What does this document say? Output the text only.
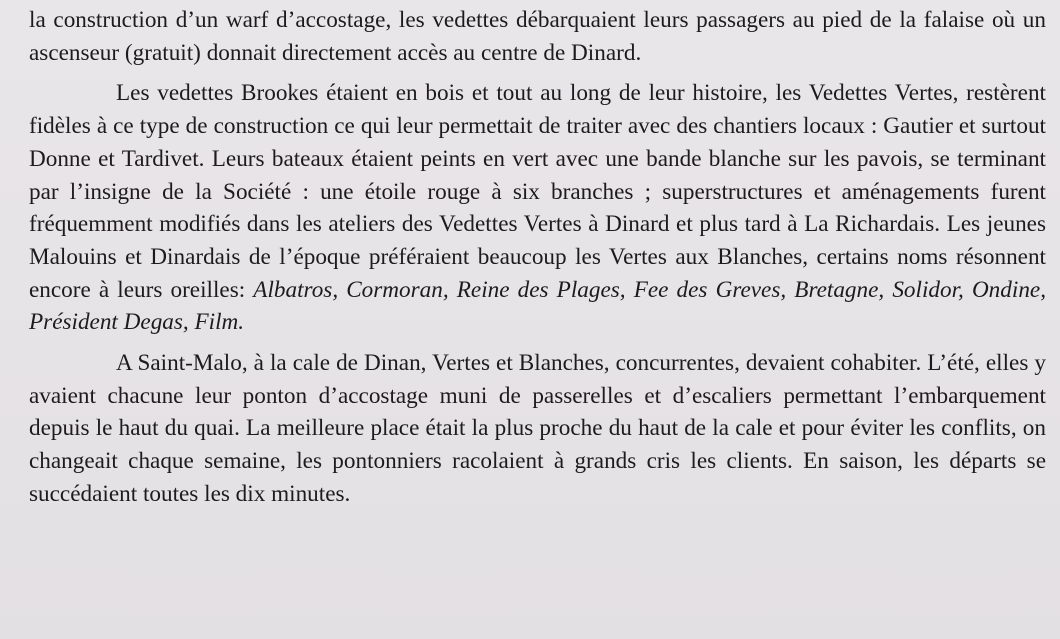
la construction d’un warf d’accostage, les vedettes débarquaient leurs passagers au pied de la falaise où un ascenseur (gratuit) donnait directement accès au centre de Dinard.

Les vedettes Brookes étaient en bois et tout au long de leur histoire, les Vedettes Vertes, restèrent fidèles à ce type de construction ce qui leur permettait de traiter avec des chantiers locaux : Gautier et surtout Donne et Tardivet. Leurs bateaux étaient peints en vert avec une bande blanche sur les pavois, se terminant par l’insigne de la Société : une étoile rouge à six branches ; superstructures et aménagements furent fréquemment modifiés dans les ateliers des Vedettes Vertes à Dinard et plus tard à La Richardais. Les jeunes Malouins et Dinardais de l’époque préféraient beaucoup les Vertes aux Blanches, certains noms résonnent encore à leurs oreilles: Albatros, Cormoran, Reine des Plages, Fee des Greves, Bretagne, Solidor, Ondine, Président Degas, Film.

A Saint-Malo, à la cale de Dinan, Vertes et Blanches, concurrentes, devaient cohabiter. L’été, elles y avaient chacune leur ponton d’accostage muni de passerelles et d’escaliers permettant l’embarquement depuis le haut du quai. La meilleure place était la plus proche du haut de la cale et pour éviter les conflits, on changeait chaque semaine, les pontonniers racolaient à grands cris les clients. En saison, les départs se succédaient toutes les dix minutes.
